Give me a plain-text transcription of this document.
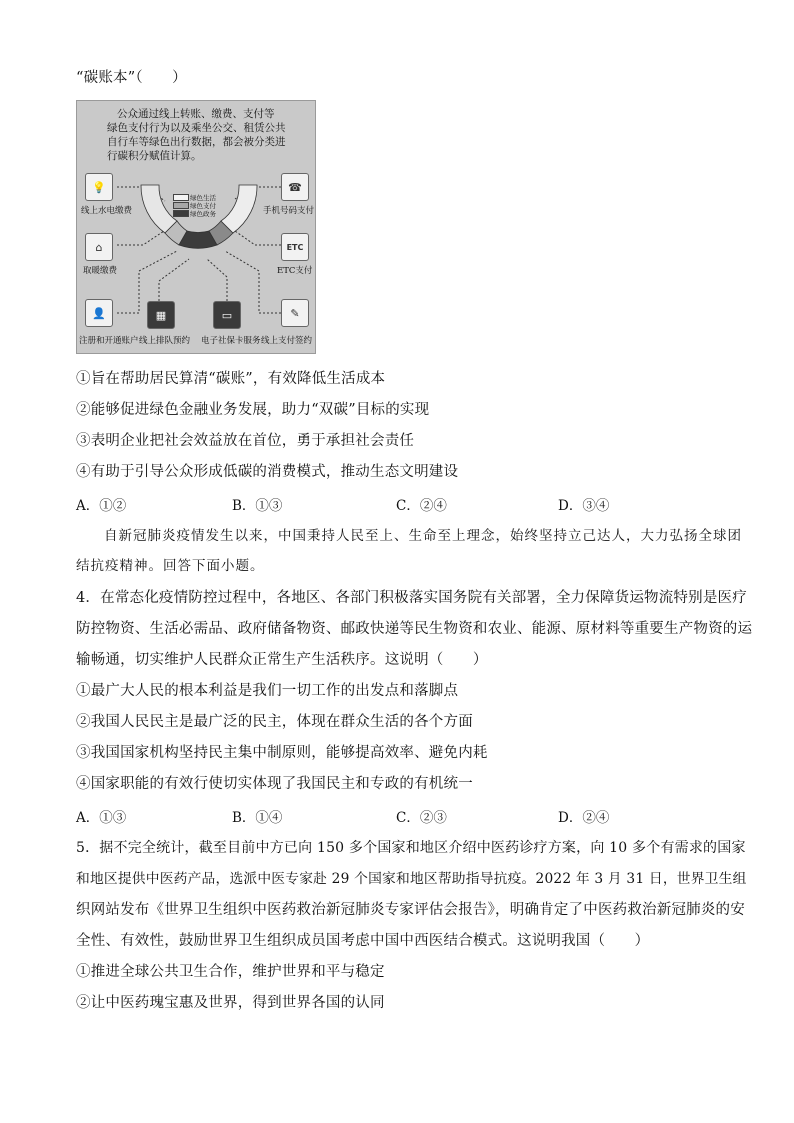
“碳账本”（　　）
公众通过线上转账、缴费、支付等
绿色支付行为以及乘坐公交、租赁公共
自行车等绿色出行数据，都会被分类进
行碳积分赋值计算。
绿色生活
绿色支付
绿色政务
💡
线上水电缴费
☎
手机号码支付
⌂
取暖缴费
ETC
ETC支付
👤
注册和开通账户
▦
线上排队预约
▭
电子社保卡服务
✎
线上支付签约
①旨在帮助居民算清“碳账”，有效降低生活成本
②能够促进绿色金融业务发展，助力“双碳”目标的实现
③表明企业把社会效益放在首位，勇于承担社会责任
④有助于引导公众形成低碳的消费模式，推动生态文明建设
A．①②	B．①③	C．②④	D．③④
自新冠肺炎疫情发生以来，中国秉持人民至上、生命至上理念，始终坚持立己达人，大力弘扬全球团
结抗疫精神。回答下面小题。
4．在常态化疫情防控过程中，各地区、各部门积极落实国务院有关部署，全力保障货运物流特别是医疗
防控物资、生活必需品、政府储备物资、邮政快递等民生物资和农业、能源、原材料等重要生产物资的运
输畅通，切实维护人民群众正常生产生活秩序。这说明（　　）
①最广大人民的根本利益是我们一切工作的出发点和落脚点
②我国人民民主是最广泛的民主，体现在群众生活的各个方面
③我国国家机构坚持民主集中制原则，能够提高效率、避免内耗
④国家职能的有效行使切实体现了我国民主和专政的有机统一
A．①③	B．①④	C．②③	D．②④
5．据不完全统计，截至目前中方已向 150 多个国家和地区介绍中医药诊疗方案，向 10 多个有需求的国家
和地区提供中医药产品，选派中医专家赴 29 个国家和地区帮助指导抗疫。2022 年 3 月 31 日，世界卫生组
织网站发布《世界卫生组织中医药救治新冠肺炎专家评估会报告》，明确肯定了中医药救治新冠肺炎的安
全性、有效性，鼓励世界卫生组织成员国考虑中国中西医结合模式。这说明我国（　　）
①推进全球公共卫生合作，维护世界和平与稳定
②让中医药瑰宝惠及世界，得到世界各国的认同
